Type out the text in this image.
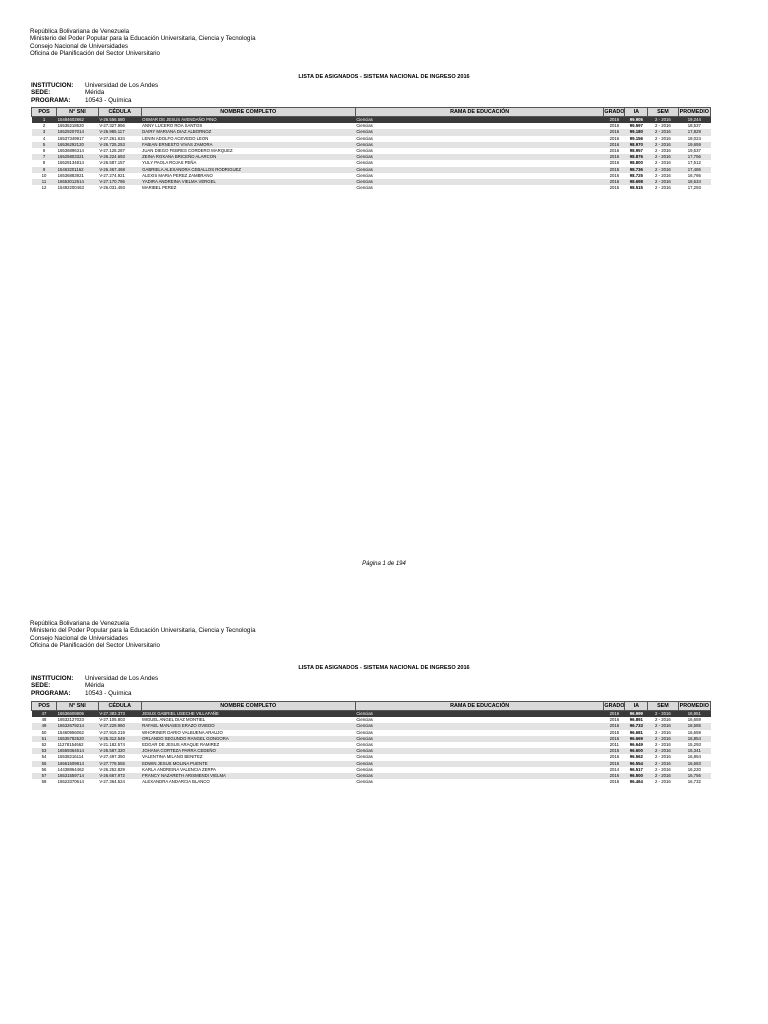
República Bolivariana de Venezuela
Ministerio del Poder Popular para la Educación Universitaria, Ciencia y Tecnología
Consejo Nacional de Universidades
Oficina de Planificación del Sector Universitario
LISTA DE ASIGNADOS - SISTEMA NACIONAL DE INGRESO 2016
INSTITUCION:	Universidad de Los Andes
SEDE:	Mérida
PROGRAMA:	10543 - Química
POS	N° SNI	CÉDULA	NOMBRE COMPLETO	RAMA DE EDUCACIÓN	GRADO	IA	SEM	PROMEDIO
1	15484602862	V-26.556.580	OSMAR DE JESUS AVENDAÑO PINO	Ciencias	2016	99.905	2 - 2016	19,244
2	16536218520	V-27.327.956	ANNY LUCERO ROA SANTOS	Ciencias	2016	99.597	2 - 2016	18,537
3	16529207014	V-26.985.117	DAIRY MARIANA DIAZ ALBORNOZ	Ciencias	2016	99.180	2 - 2016	17,829
4	16537349917	V-27.261.634	LENIN ADOLFO ACEVEDO LEON	Ciencias	2016	99.156	2 - 2016	18,024
5	16536292120	V-26.725.253	FABIAN ERNESTO VIVAS ZAMORA	Ciencias	2016	98.970	2 - 2016	19,659
6	16536896314	V-27.128.287	JUAN DIEGO FEBRES CORDERO MARQUEZ	Ciencias	2016	98.957	2 - 2016	19,537
7	16525803321	V-26.224.693	ZEINA ROXANA BRICEÑO ALARCON	Ciencias	2016	98.876	2 - 2016	17,756
8	16529134814	V-26.587.157	YULY PAOLA ROJAS PEÑA	Ciencias	2016	98.800	2 - 2016	17,512
9	15463201162	V-26.467.468	GABRIELA ALEXANDRA CEBALLOS RODRIGUEZ	Ciencias	2015	98.736	2 - 2016	17,486
10	16536883921	V-27.274.921	ALEXIS MARIA PEREZ ZAMBRANO	Ciencias	2016	98.725	2 - 2016	16,786
11	16553012614	V-27.170.786	YADIRA ANDREINA VIELMA VERGEL	Ciencias	2016	98.698	2 - 2016	18,634
12	15492200463	V-26.031.493	MARIBEL PEREZ	Ciencias	2015	98.515	2 - 2016	17,293
Página 1 de 194
República Bolivariana de Venezuela
Ministerio del Poder Popular para la Educación Universitaria, Ciencia y Tecnología
Consejo Nacional de Universidades
Oficina de Planificación del Sector Universitario
LISTA DE ASIGNADOS - SISTEMA NACIONAL DE INGRESO 2016
INSTITUCION:	Universidad de Los Andes
SEDE:	Mérida
PROGRAMA:	10543 - Química
POS	N° SNI	CÉDULA	NOMBRE COMPLETO	RAMA DE EDUCACIÓN	GRADO	IA	SEM	PROMEDIO
47	16536609806	V-27.383.373	JESUS GABRIEL USECHE VILLAFAÑE	Ciencias	2016	96.999	2 - 2016	16,951
48	16532127023	V-27.105.803	MIGUEL ANGEL DIAZ MONTIEL	Ciencias	2016	96.891	2 - 2016	16,659
49	16532679214	V-27.229.960	RAFAEL MANASES ERAZO OVIEDO	Ciencias	2016	96.733	2 - 2016	18,585
50	15460956062	V-27.919.219	WHORINER DARIO VALBUENA ARAUJO	Ciencias	2015	96.681	2 - 2016	16,659
51	16535782520	V-25.312.549	ORLANDO SEGUNDO RANGEL GONGORA	Ciencias	2016	96.669	2 - 2016	16,854
52	11278154662	V-21.182.574	EDGAR DE JESUS ARAQUE RAMIREZ	Ciencias	2011	96.649	2 - 2016	15,293
53	16559364614	V-26.587.320	JOHANA CORTEZA PARRA CEDEÑO	Ciencias	2016	96.600	2 - 2016	16,341
54	16538216114	V-27.497.350	VALENTINA MILANO BENITEZ	Ciencias	2016	96.562	2 - 2016	16,854
55	16561509814	V-27.778.555	EDWIN JESUS MOLINA PUENTE	Ciencias	2016	96.554	2 - 2016	16,683
56	14438864462	V-26.252.829	KARLA ANDREINA VALENCIA ZERPA	Ciencias	2014	96.517	2 - 2016	16,220
57	16531559714	V-26.667.972	FRANCY NAZARETH ARISMENDI VIELMA	Ciencias	2016	96.500	2 - 2016	16,756
58	16523370614	V-27.364.524	ALEXANDRA ANDARCIA BLANCO	Ciencias	2016	96.464	2 - 2016	16,732
